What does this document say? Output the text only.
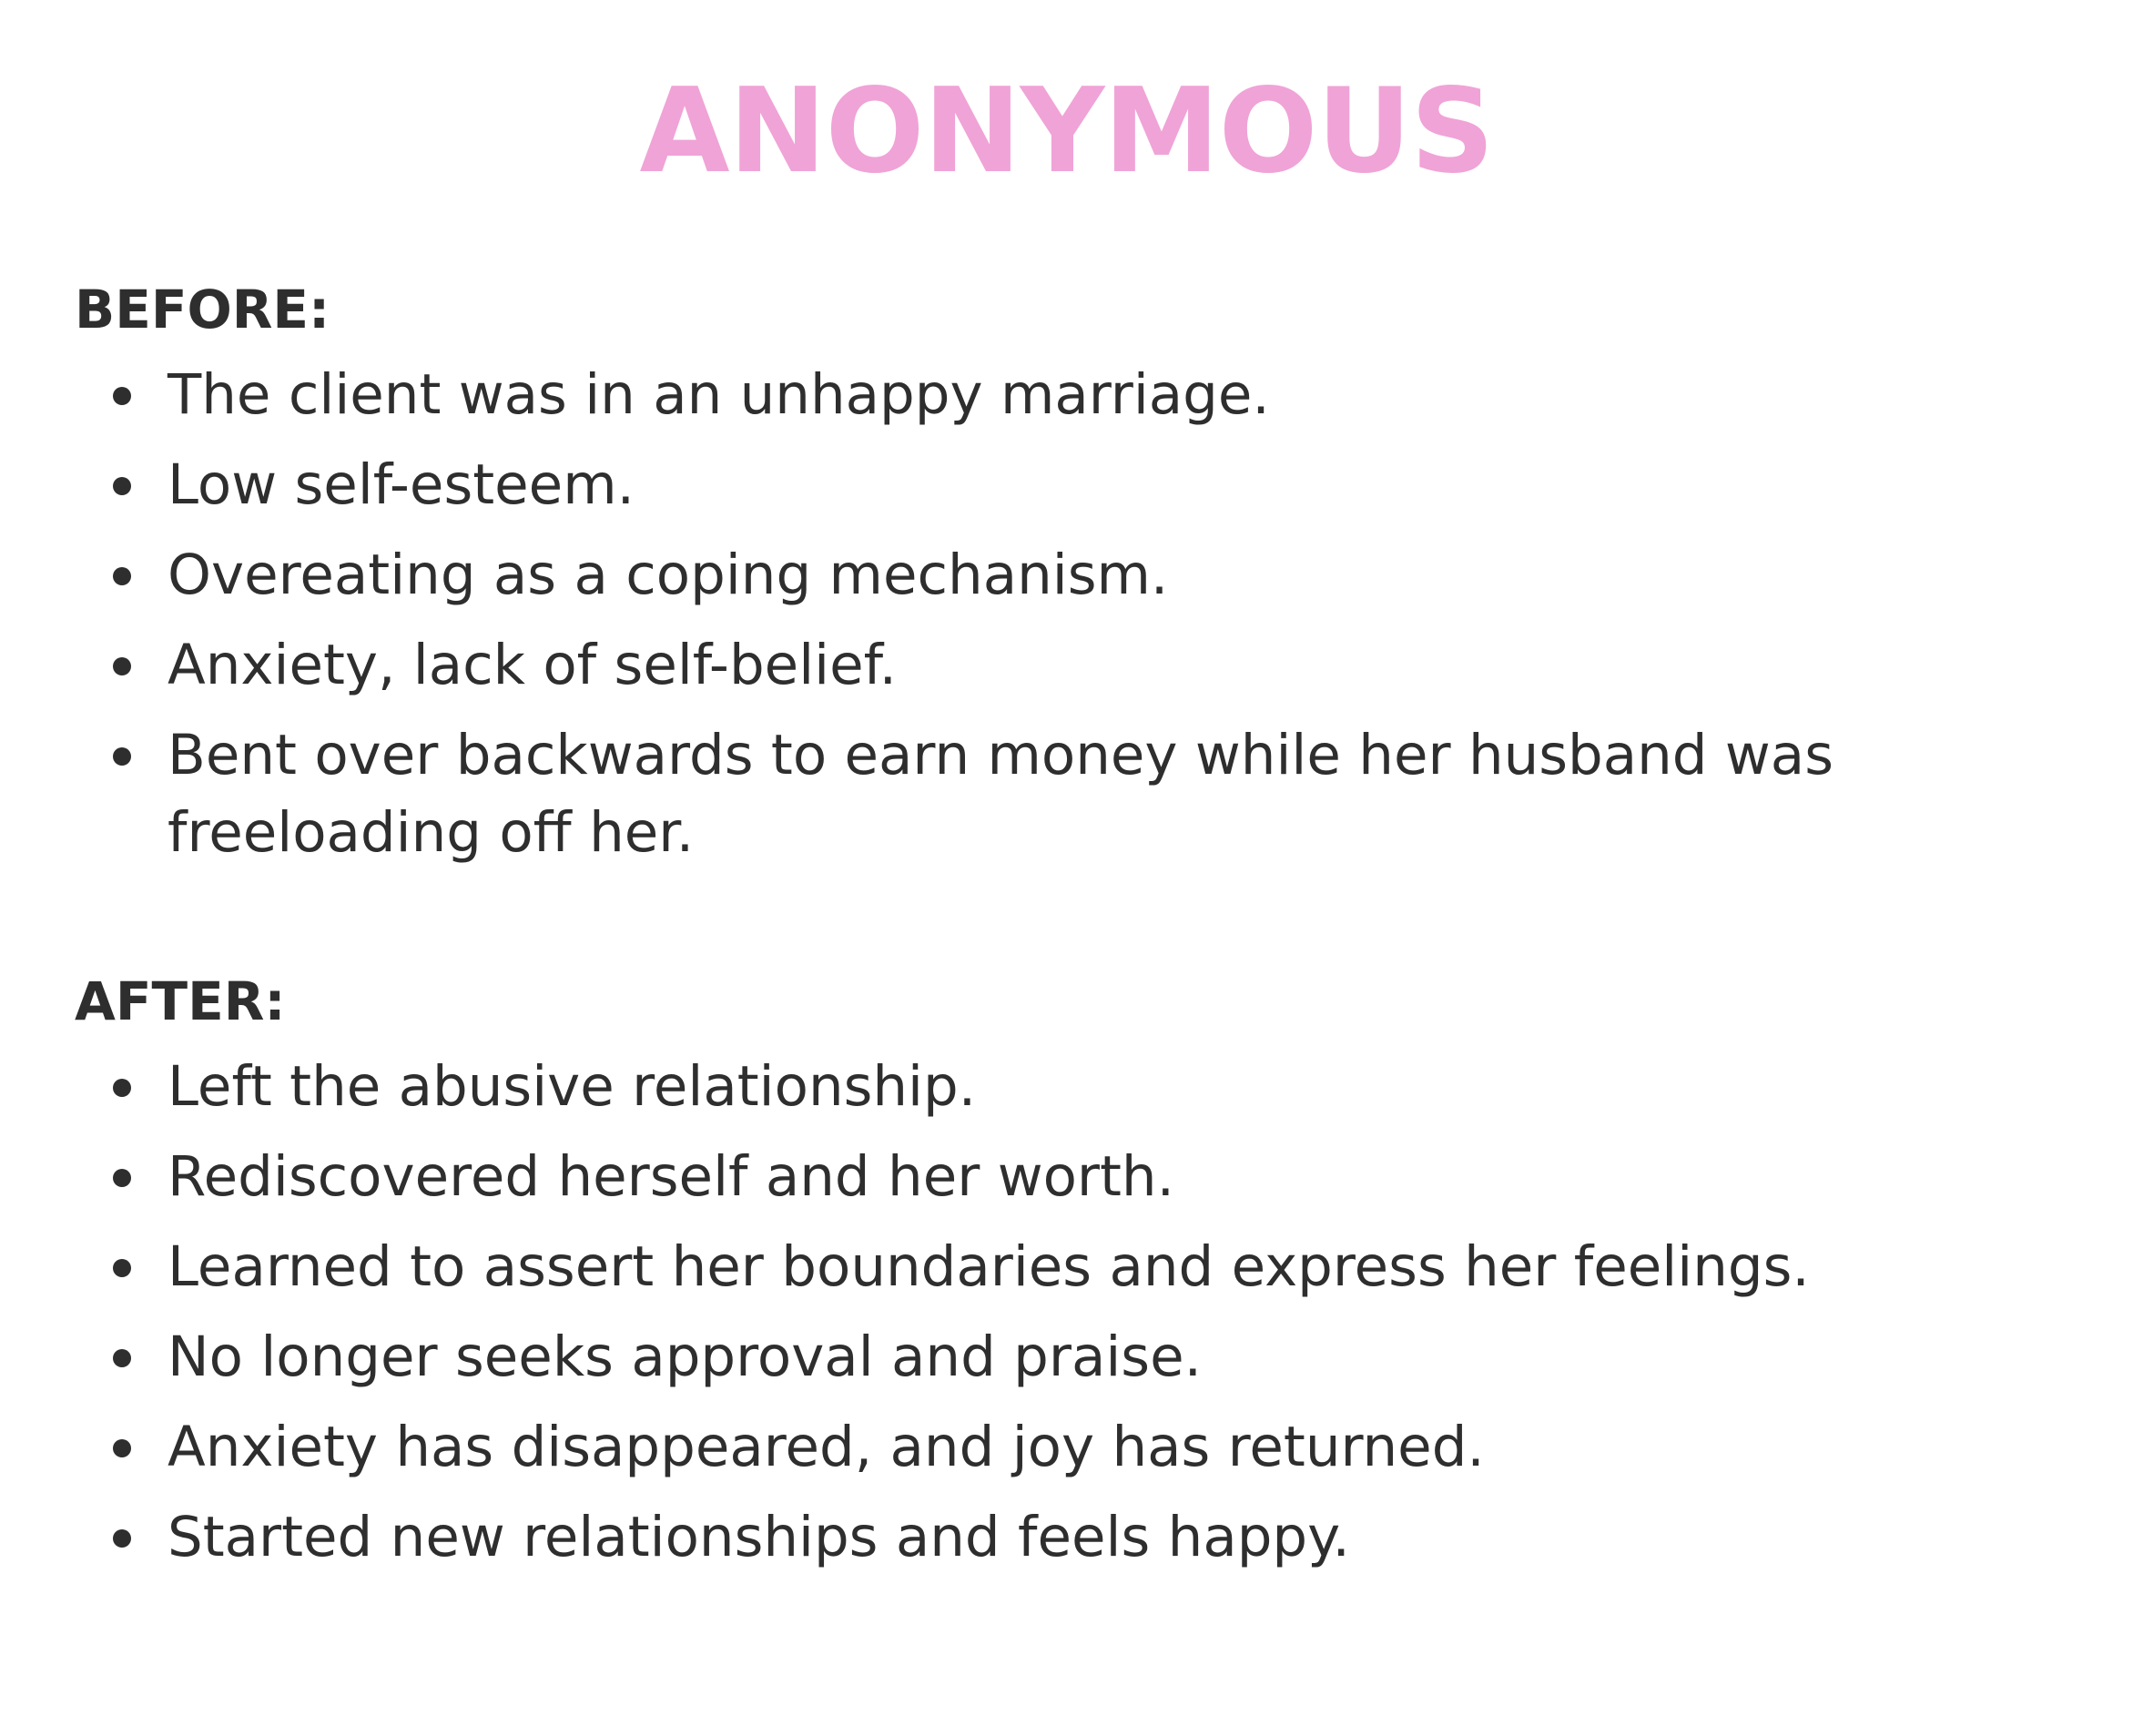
ANONYMOUS
BEFORE:
The client was in an unhappy marriage.
Low self-esteem.
Overeating as a coping mechanism.
Anxiety, lack of self-belief.
Bent over backwards to earn money while her husband was freeloading off her.
AFTER:
Left the abusive relationship.
Rediscovered herself and her worth.
Learned to assert her boundaries and express her feelings.
No longer seeks approval and praise.
Anxiety has disappeared, and joy has returned.
Started new relationships and feels happy.
